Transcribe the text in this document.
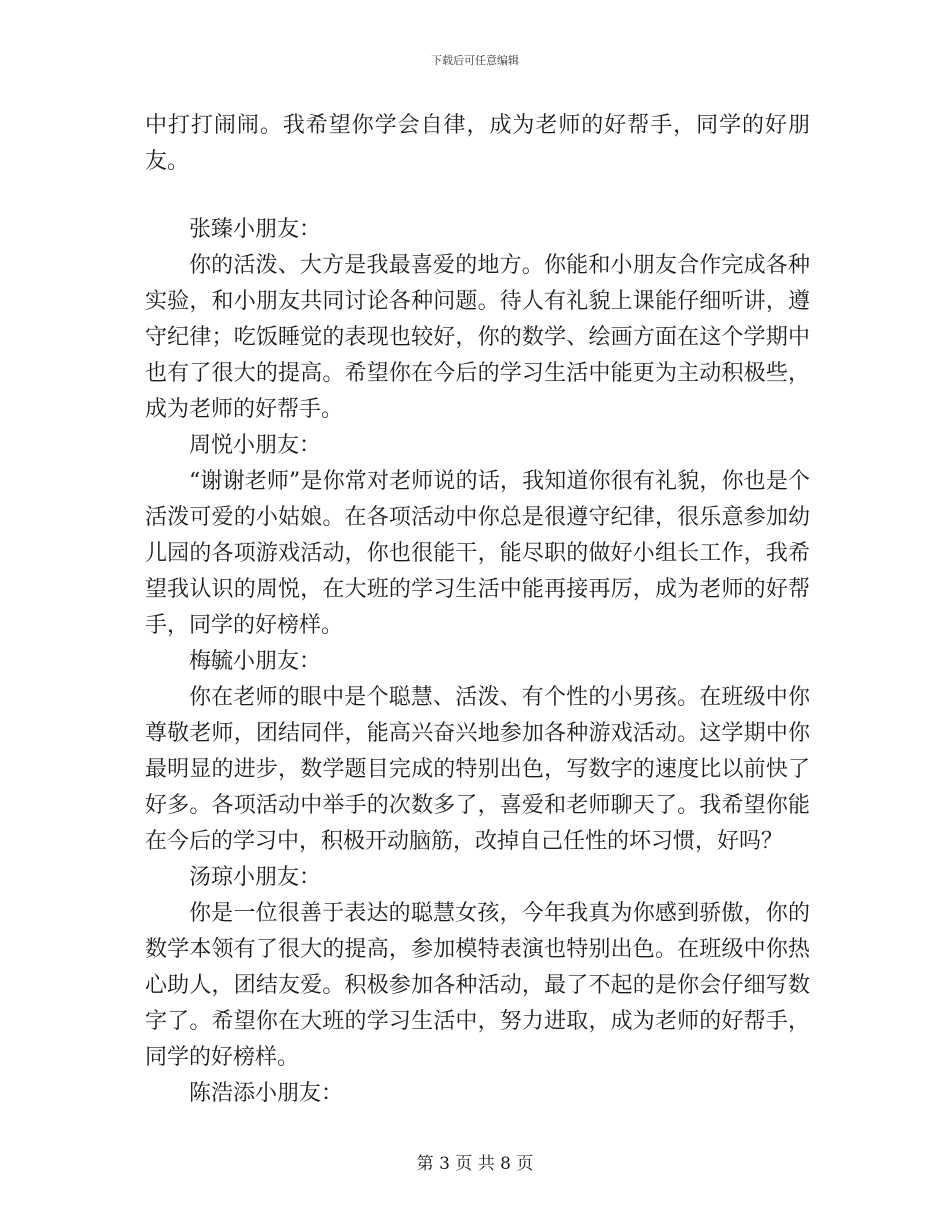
下载后可任意编辑

中打打闹闹。我希望你学会自律，成为老师的好帮手，同学的好朋友。

张臻小朋友：

你的活泼、大方是我最喜爱的地方。你能和小朋友合作完成各种实验，和小朋友共同讨论各种问题。待人有礼貌上课能仔细听讲，遵守纪律；吃饭睡觉的表现也较好，你的数学、绘画方面在这个学期中也有了很大的提高。希望你在今后的学习生活中能更为主动积极些，成为老师的好帮手。

周悦小朋友：

“谢谢老师”是你常对老师说的话，我知道你很有礼貌，你也是个活泼可爱的小姑娘。在各项活动中你总是很遵守纪律，很乐意参加幼儿园的各项游戏活动，你也很能干，能尽职的做好小组长工作，我希望我认识的周悦，在大班的学习生活中能再接再厉，成为老师的好帮手，同学的好榜样。

梅毓小朋友：

你在老师的眼中是个聪慧、活泼、有个性的小男孩。在班级中你尊敬老师，团结同伴，能高兴奋兴地参加各种游戏活动。这学期中你最明显的进步，数学题目完成的特别出色，写数字的速度比以前快了好多。各项活动中举手的次数多了，喜爱和老师聊天了。我希望你能在今后的学习中，积极开动脑筋，改掉自己任性的坏习惯，好吗？

汤琼小朋友：

你是一位很善于表达的聪慧女孩，今年我真为你感到骄傲，你的数学本领有了很大的提高，参加模特表演也特别出色。在班级中你热心助人，团结友爱。积极参加各种活动，最了不起的是你会仔细写数字了。希望你在大班的学习生活中，努力进取，成为老师的好帮手，同学的好榜样。

陈浩添小朋友：

第 3 页 共 8 页
